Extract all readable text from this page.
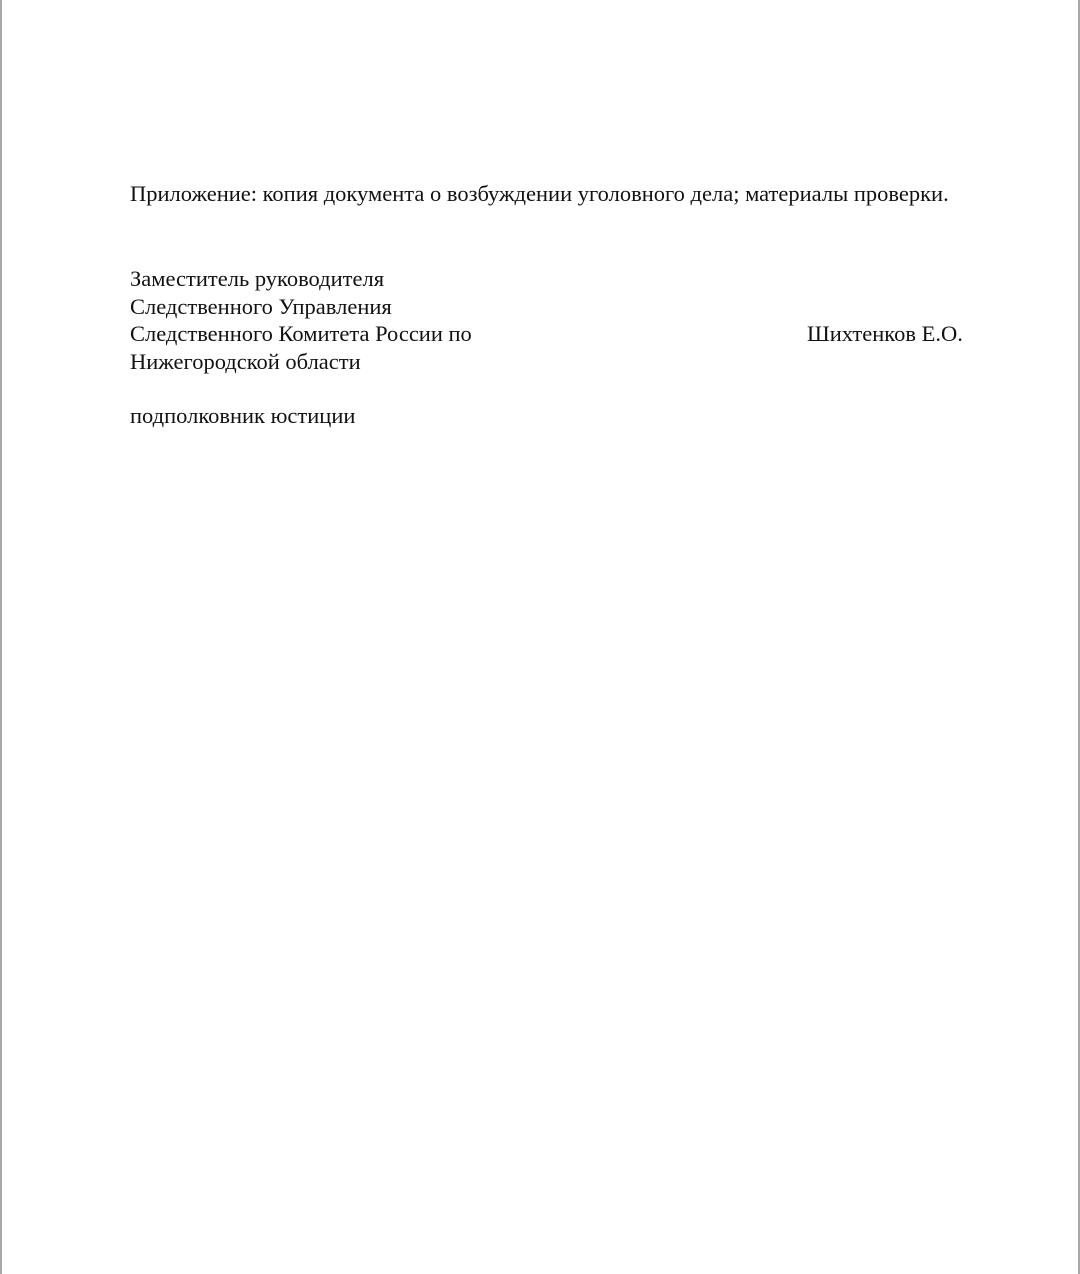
Приложение: копия документа о возбуждении уголовного дела; материалы проверки.
Заместитель руководителя
Следственного Управления
Следственного Комитета России по
Нижегородской области
Шихтенков Е.О.
подполковник юстиции
